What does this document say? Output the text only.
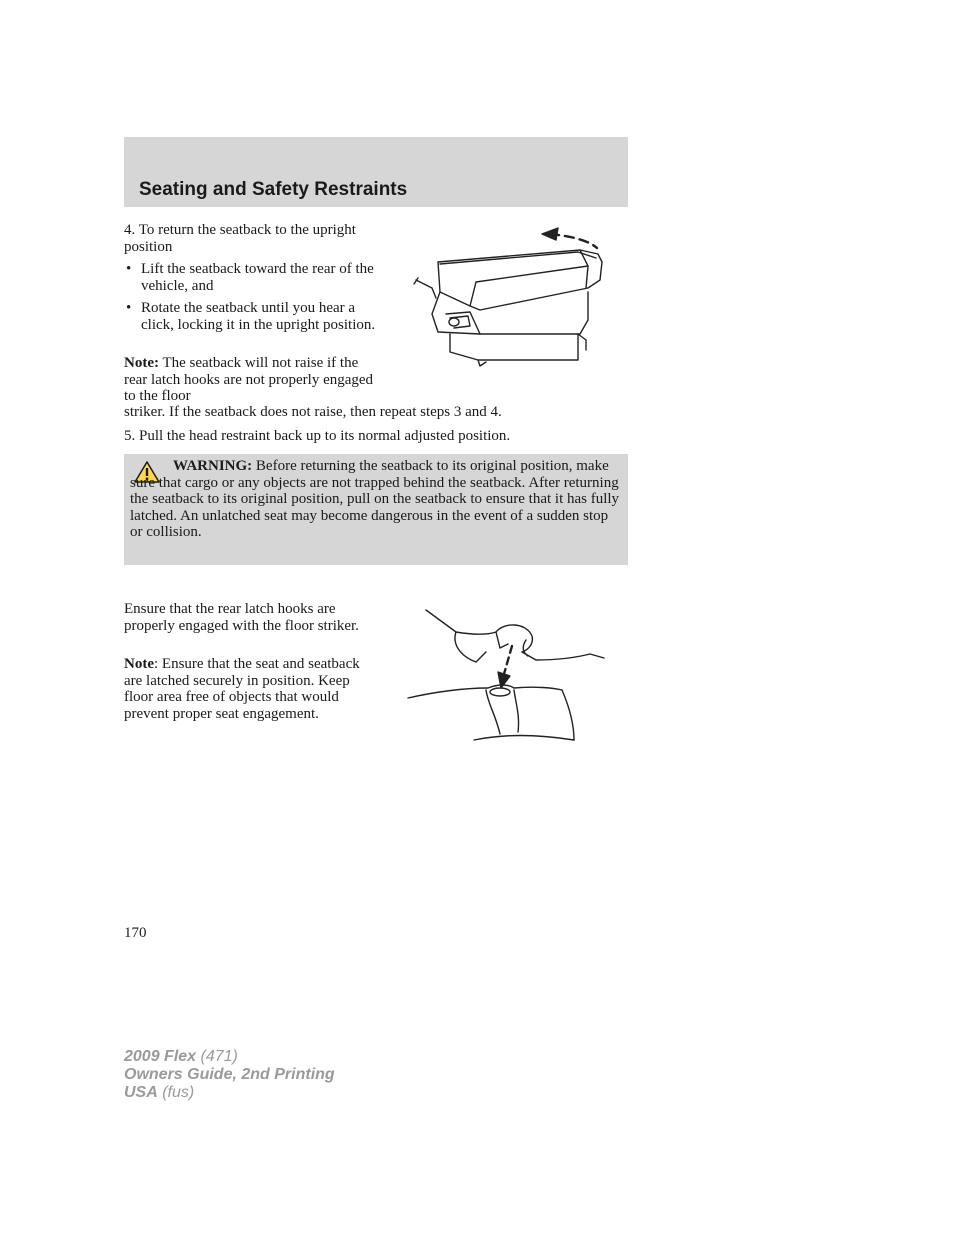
Seating and Safety Restraints

4. To return the seatback to the upright position

• Lift the seatback toward the rear of the vehicle, and

• Rotate the seatback until you hear a click, locking it in the upright position.

Note: The seatback will not raise if the rear latch hooks are not properly engaged to the floor

striker. If the seatback does not raise, then repeat steps 3 and 4.

5. Pull the head restraint back up to its normal adjusted position.

WARNING: Before returning the seatback to its original position, make sure that cargo or any objects are not trapped behind the seatback. After returning the seatback to its original position, pull on the seatback to ensure that it has fully latched. An unlatched seat may become dangerous in the event of a sudden stop or collision.

Ensure that the rear latch hooks are properly engaged with the floor striker.

Note: Ensure that the seat and seatback are latched securely in position. Keep floor area free of objects that would prevent proper seat engagement.

170

2009 Flex (471)
Owners Guide, 2nd Printing
USA (fus)
